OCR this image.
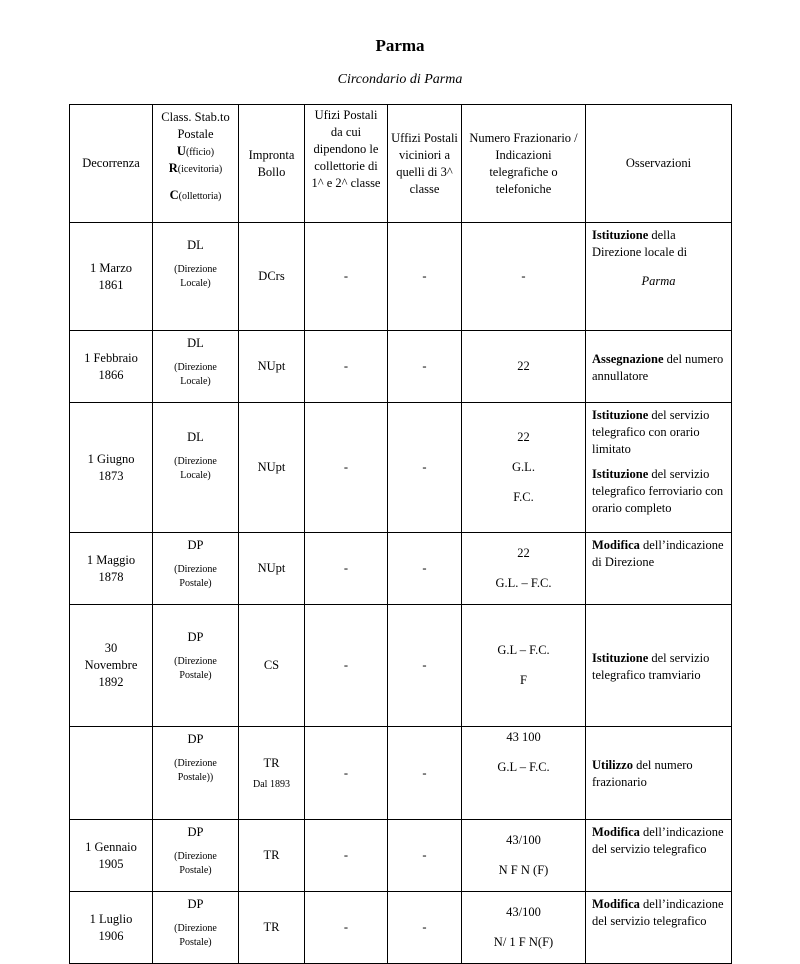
Parma
Circondario di Parma
Decorrenza	Class. Stab.to
Postale
U(fficio)
R(icevitoria)
C(ollettoria)	Impronta Bollo	Ufizi Postali da cui dipendono le collettorie di 1^ e 2^ classe	Uffizi Postali viciniori a quelli di 3^ classe	Numero Frazionario / Indicazioni telegrafiche o telefoniche	Osservazioni

1 Marzo
1861	DL
(Direzione
Locale)	DCrs	-	-	-	Istituzione della Direzione locale di
Parma

1 Febbraio
1866	DL
(Direzione
Locale)	NUpt	-	-	22	Assegnazione del numero annullatore

1 Giugno
1873	DL
(Direzione
Locale)	NUpt	-	-	22
G.L.
F.C.	Istituzione del servizio telegrafico con orario limitato
Istituzione del servizio telegrafico ferroviario con orario completo

1 Maggio
1878	DP
(Direzione
Postale)	NUpt	-	-	22
G.L. – F.C.	Modifica dell’indicazione di Direzione

30
Novembre
1892	DP
(Direzione
Postale)	CS	-	-	G.L – F.C.
F	Istituzione del servizio telegrafico tramviario

	DP
(Direzione
Postale))	TR
Dal 1893	-	-	43 100
G.L – F.C.	Utilizzo del numero frazionario

1 Gennaio
1905	DP
(Direzione
Postale)	TR	-	-	43/100
N F N (F)	Modifica dell’indicazione del servizio telegrafico

1 Luglio
1906	DP
(Direzione
Postale)	TR	-	-	43/100
N/ 1 F N(F)	Modifica dell’indicazione del servizio telegrafico
